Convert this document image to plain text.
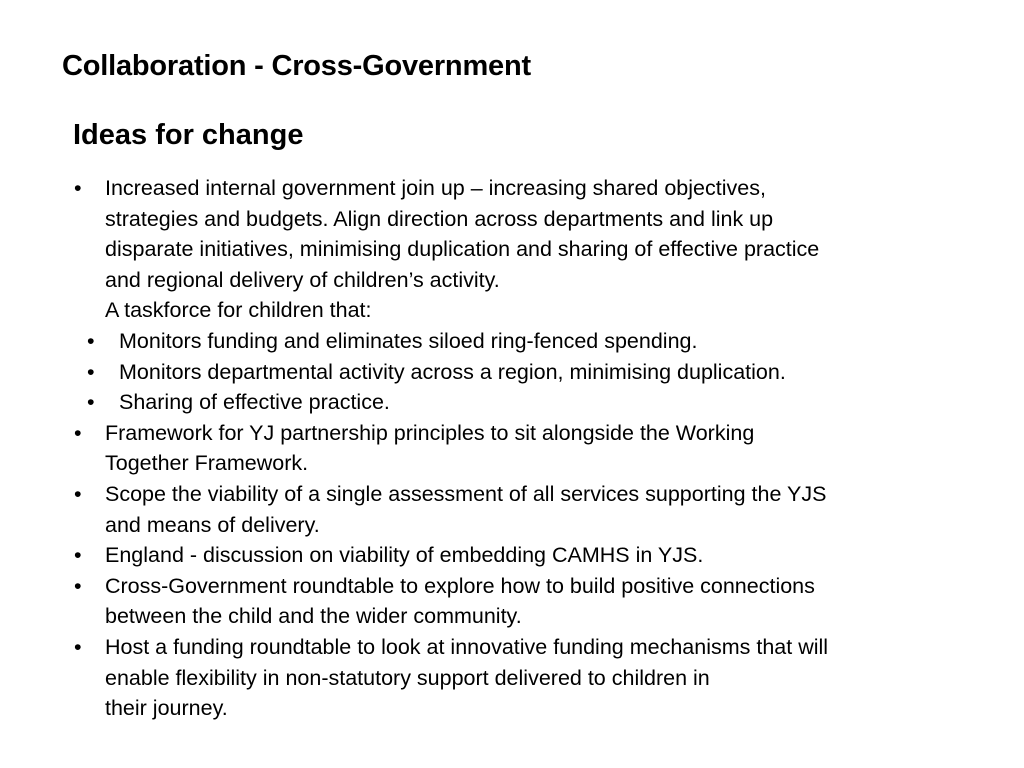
Collaboration - Cross-Government
Ideas for change
• Increased internal government join up – increasing shared objectives,
strategies and budgets. Align direction across departments and link up
disparate initiatives, minimising duplication and sharing of effective practice
and regional delivery of children’s activity.
A taskforce for children that:
• Monitors funding and eliminates siloed ring-fenced spending.
• Monitors departmental activity across a region, minimising duplication.
• Sharing of effective practice.
• Framework for YJ partnership principles to sit alongside the Working
Together Framework.
• Scope the viability of a single assessment of all services supporting the YJS
and means of delivery.
• England - discussion on viability of embedding CAMHS in YJS.
• Cross-Government roundtable to explore how to build positive connections
between the child and the wider community.
• Host a funding roundtable to look at innovative funding mechanisms that will
enable flexibility in non-statutory support delivered to children in
their journey.
